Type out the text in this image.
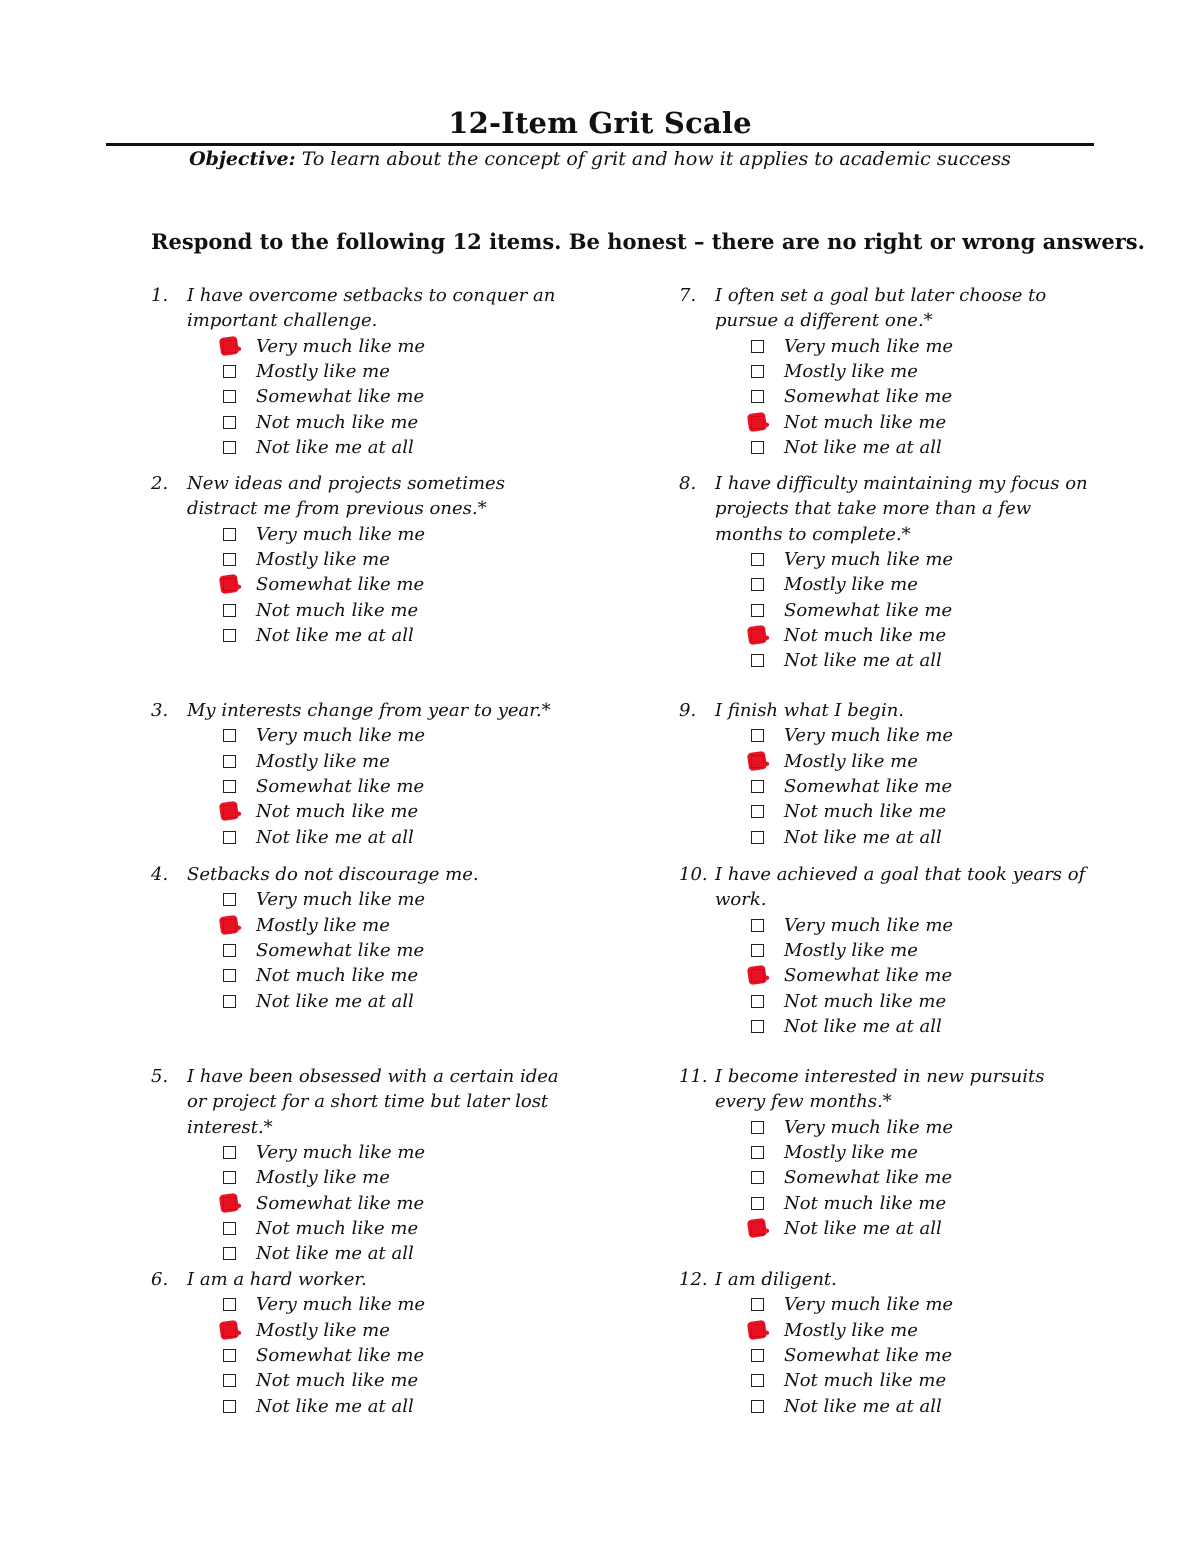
12-Item Grit Scale
Objective: To learn about the concept of grit and how it applies to academic success
Respond to the following 12 items. Be honest – there are no right or wrong answers.
1.	I have overcome setbacks to conquer an important challenge.
Very much like me
Mostly like me
Somewhat like me
Not much like me
Not like me at all
2.	New ideas and projects sometimes distract me from previous ones.*
Very much like me
Mostly like me
Somewhat like me
Not much like me
Not like me at all
3.	My interests change from year to year.*
Very much like me
Mostly like me
Somewhat like me
Not much like me
Not like me at all
4.	Setbacks do not discourage me.
Very much like me
Mostly like me
Somewhat like me
Not much like me
Not like me at all
5.	I have been obsessed with a certain idea or project for a short time but later lost interest.*
Very much like me
Mostly like me
Somewhat like me
Not much like me
Not like me at all
6.	I am a hard worker.
Very much like me
Mostly like me
Somewhat like me
Not much like me
Not like me at all
7.	I often set a goal but later choose to pursue a different one.*
Very much like me
Mostly like me
Somewhat like me
Not much like me
Not like me at all
8.	I have difficulty maintaining my focus on projects that take more than a few months to complete.*
Very much like me
Mostly like me
Somewhat like me
Not much like me
Not like me at all
9.	I finish what I begin.
Very much like me
Mostly like me
Somewhat like me
Not much like me
Not like me at all
10. I have achieved a goal that took years of work.
Very much like me
Mostly like me
Somewhat like me
Not much like me
Not like me at all
11. I become interested in new pursuits every few months.*
Very much like me
Mostly like me
Somewhat like me
Not much like me
Not like me at all
12. I am diligent.
Very much like me
Mostly like me
Somewhat like me
Not much like me
Not like me at all
